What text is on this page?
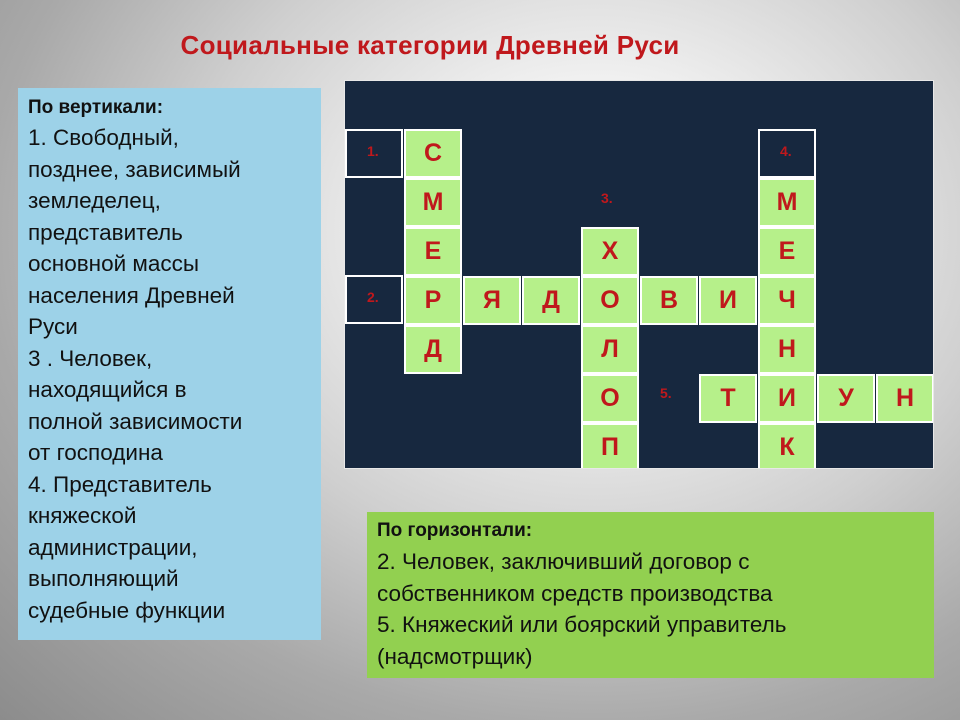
Социальные категории Древней Руси
По вертикали:
1. Свободный,
позднее, зависимый
земледелец,
представитель
основной массы
населения Древней
Руси
3 . Человек,
находящийся в
полной зависимости
от господина
4. Представитель
княжеской
администрации,
выполняющий
судебные функции
1.
2.
3.
4.
5.
С
М
Е
Р
Д
Я	Д	О	В	И
Х
Л
О
П
М
Е
Ч
Н
И
К
Т	У	Н
По горизонтали:
2. Человек, заключивший договор с
собственником средств производства
5. Княжеский или боярский управитель
(надсмотрщик)
